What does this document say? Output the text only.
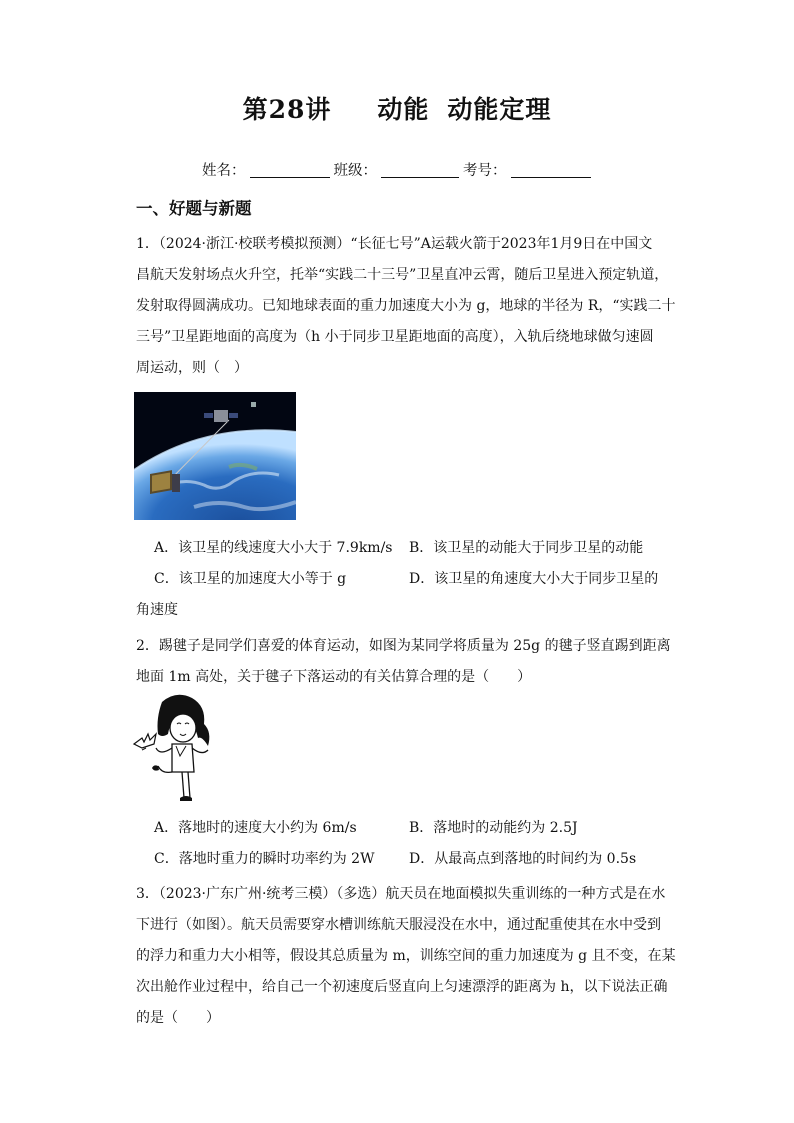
第28讲 动能 动能定理
姓名：	班级：	考号：
一、好题与新题

1．（2024·浙江·校联考模拟预测）“长征七号”A运载火箭于2023年1月9日在中国文

昌航天发射场点火升空，托举“实践二十三号”卫星直冲云霄，随后卫星进入预定轨道，

发射取得圆满成功。已知地球表面的重力加速度大小为 g，地球的半径为 R，“实践二十

三号”卫星距地面的高度为（h 小于同步卫星距地面的高度），入轨后绕地球做匀速圆

周运动，则（　）

A．该卫星的线速度大小大于 7.9km/s B．该卫星的动能大于同步卫星的动能
C．该卫星的加速度大小等于 g	D．该卫星的角速度大小大于同步卫星的
角速度

2．踢毽子是同学们喜爱的体育运动，如图为某同学将质量为 25g 的毽子竖直踢到距离

地面 1m 高处，关于毽子下落运动的有关估算合理的是（　　）

A．落地时的速度大小约为 6m/s	B．落地时的动能约为 2.5J
C．落地时重力的瞬时功率约为 2W D．从最高点到落地的时间约为 0.5s

3．（2023·广东广州·统考三模）（多选）航天员在地面模拟失重训练的一种方式是在水

下进行（如图）。航天员需要穿水槽训练航天服浸没在水中，通过配重使其在水中受到

的浮力和重力大小相等，假设其总质量为 m，训练空间的重力加速度为 g 且不变，在某

次出舱作业过程中，给自己一个初速度后竖直向上匀速漂浮的距离为 h，以下说法正确

的是（　　）
